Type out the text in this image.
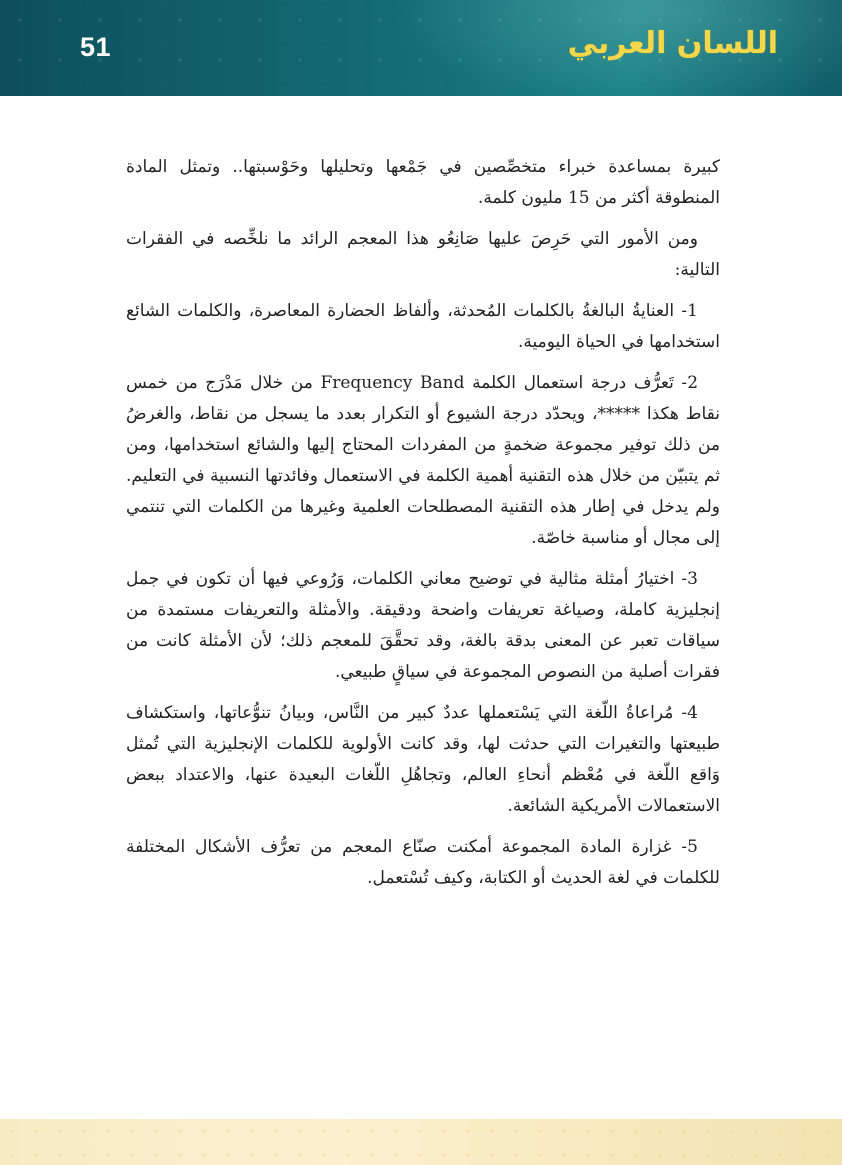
51	اللسان العربي

كبيرة بمساعدة خبراء متخصِّصين في جَمْعها وتحليلها وحَوْسبتها.. وتمثل المادة المنطوقة أكثر من 15 مليون كلمة.

ومن الأمور التي حَرِصَ عليها صَانِعُو هذا المعجم الرائد ما نلخِّصه في الفقرات التالية:

1- العنايةُ البالغةُ بالكلمات المُحدثة، وألفاظ الحضارة المعاصرة، والكلمات الشائع استخدامها في الحياة اليومية.

2- تَعرُّف درجة استعمال الكلمة Frequency Band من خلال مَدْرَج من خمس نقاط هكذا *****، ويحدّد درجة الشيوع أو التكرار بعدد ما يسجل من نقاط، والغرضُ من ذلك توفير مجموعة ضخمةٍ من المفردات المحتاج إليها والشائع استخدامها، ومن ثم يتبيّن من خلال هذه التقنية أهمية الكلمة في الاستعمال وفائدتها النسبية في التعليم. ولم يدخل في إطار هذه التقنية المصطلحات العلمية وغيرها من الكلمات التي تنتمي إلى مجال أو مناسبة خاصّة.

3- اختيارُ أمثلة مثالية في توضيح معاني الكلمات، وَرُوعي فيها أن تكون في جمل إنجليزية كاملة، وصياغة تعريفات واضحة ودقيقة. والأمثلة والتعريفات مستمدة من سياقات تعبر عن المعنى بدقة بالغة، وقد تحقَّقَ للمعجم ذلك؛ لأن الأمثلة كانت من فقرات أصلية من النصوص المجموعة في سياقٍ طبيعي.

4- مُراعاةُ اللّغة التي يَسْتعملها عددٌ كبير من النَّاس، وبيانُ تنوُّعاتها، واستكشاف طبيعتها والتغيرات التي حدثت لها، وقد كانت الأولوية للكلمات الإنجليزية التي تُمثل وَاقع اللّغة في مُعْظم أنحاءِ العالم، وتجاهُلِ اللّغات البعيدة عنها، والاعتداد ببعض الاستعمالات الأمريكية الشائعة.

5- غزارة المادة المجموعة أمكنت صنّاع المعجم من تعرُّف الأشكال المختلفة للكلمات في لغة الحديث أو الكتابة، وكيف تُسْتعمل.
